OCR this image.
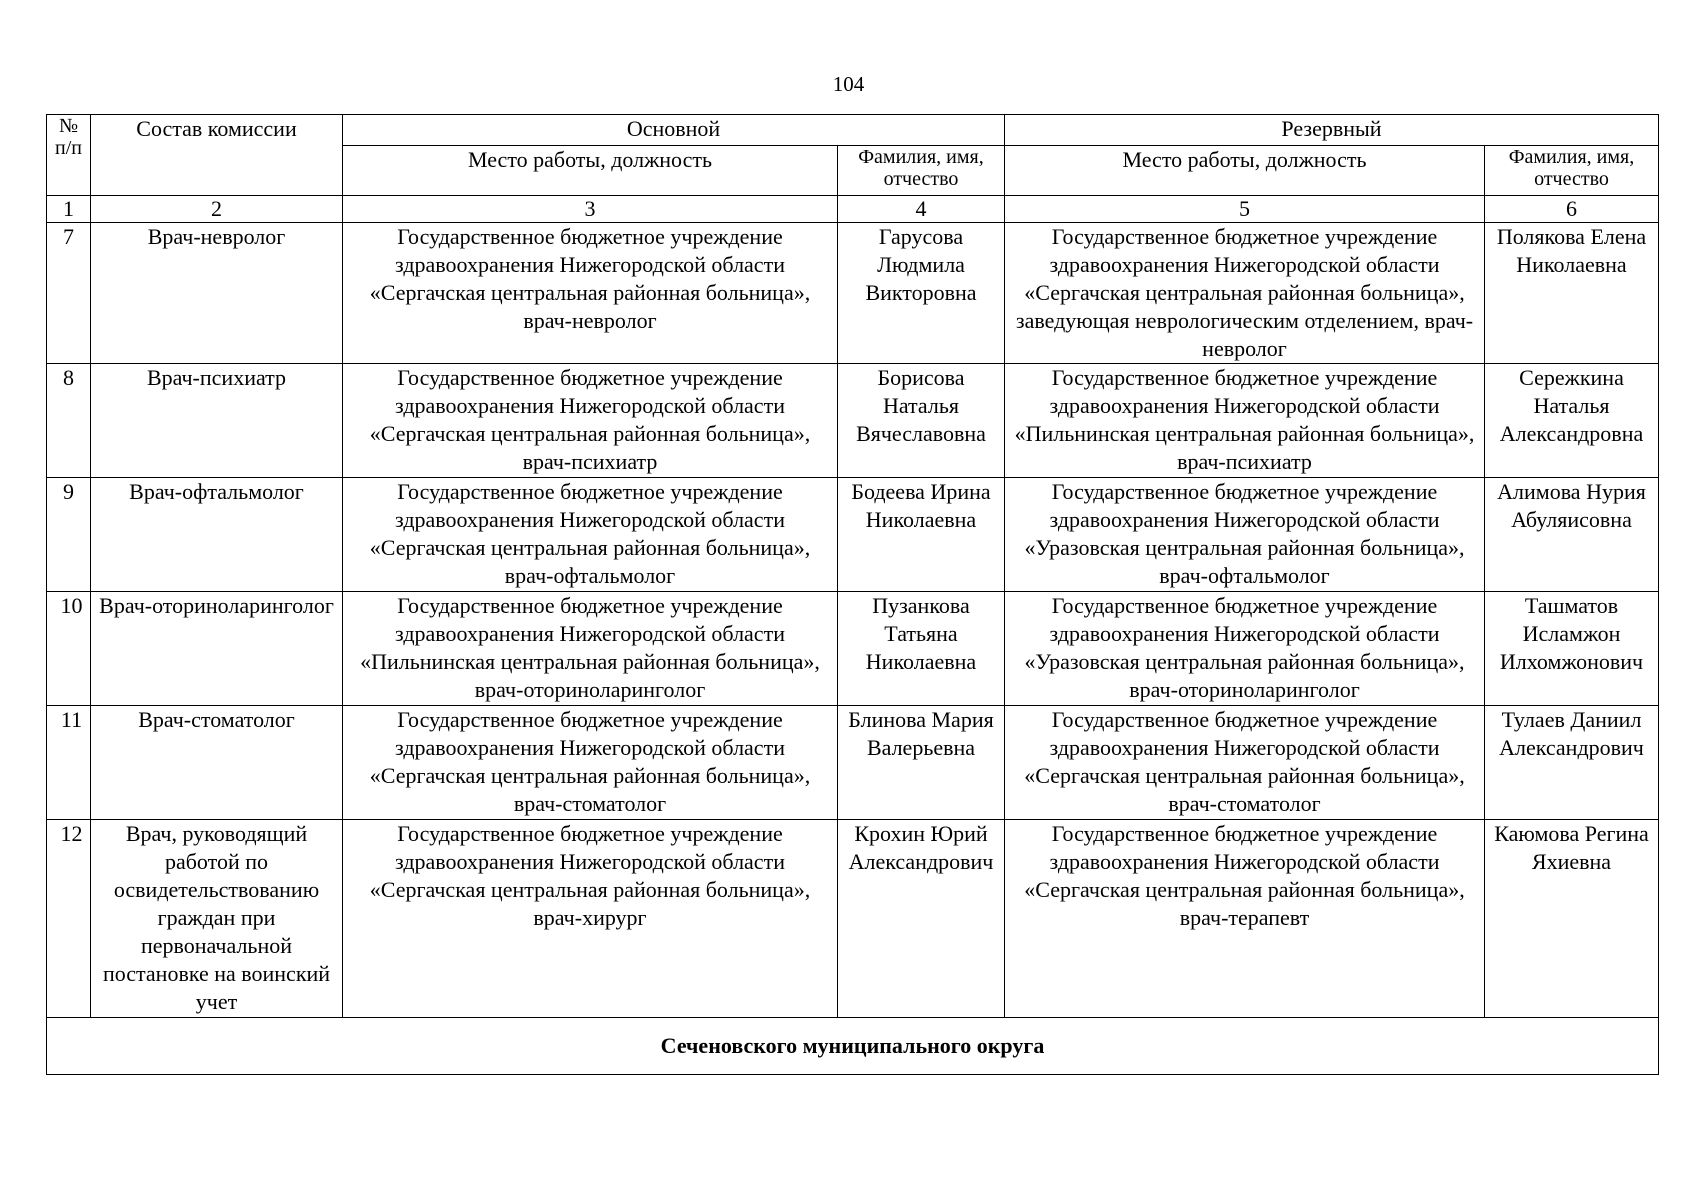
104
№ п/п	Состав комиссии	Основной		Резервный	
		Место работы, должность	Фамилия, имя, отчество	Место работы, должность	Фамилия, имя, отчество
1	2	3	4	5	6
7	Врач-невролог	Государственное бюджетное учреждение здравоохранения Нижегородской области «Сергачская центральная районная больница», врач-невролог	Гарусова Людмила Викторовна	Государственное бюджетное учреждение здравоохранения Нижегородской области «Сергачская центральная районная больница», заведующая неврологическим отделением, врач-невролог	Полякова Елена Николаевна
8	Врач-психиатр	Государственное бюджетное учреждение здравоохранения Нижегородской области «Сергачская центральная районная больница», врач-психиатр	Борисова Наталья Вячеславовна	Государственное бюджетное учреждение здравоохранения Нижегородской области «Пильнинская центральная районная больница», врач-психиатр	Сережкина Наталья Александровна
9	Врач-офтальмолог	Государственное бюджетное учреждение здравоохранения Нижегородской области «Сергачская центральная районная больница», врач-офтальмолог	Бодеева Ирина Николаевна	Государственное бюджетное учреждение здравоохранения Нижегородской области «Уразовская центральная районная больница», врач-офтальмолог	Алимова Нурия Абуляисовна
10	Врач-оториноларинголог	Государственное бюджетное учреждение здравоохранения Нижегородской области «Пильнинская центральная районная больница», врач-оториноларинголог	Пузанкова Татьяна Николаевна	Государственное бюджетное учреждение здравоохранения Нижегородской области «Уразовская центральная районная больница», врач-оториноларинголог	Ташматов Исламжон Илхомжонович
11	Врач-стоматолог	Государственное бюджетное учреждение здравоохранения Нижегородской области «Сергачская центральная районная больница», врач-стоматолог	Блинова Мария Валерьевна	Государственное бюджетное учреждение здравоохранения Нижегородской области «Сергачская центральная районная больница», врач-стоматолог	Тулаев Даниил Александрович
12	Врач, руководящий работой по освидетельствованию граждан при первоначальной постановке на воинский учет	Государственное бюджетное учреждение здравоохранения Нижегородской области «Сергачская центральная районная больница», врач-хирург	Крохин Юрий Александрович	Государственное бюджетное учреждение здравоохранения Нижегородской области «Сергачская центральная районная больница», врач-терапевт	Каюмова Регина Яхиевна
Сеченовского муниципального округа					
